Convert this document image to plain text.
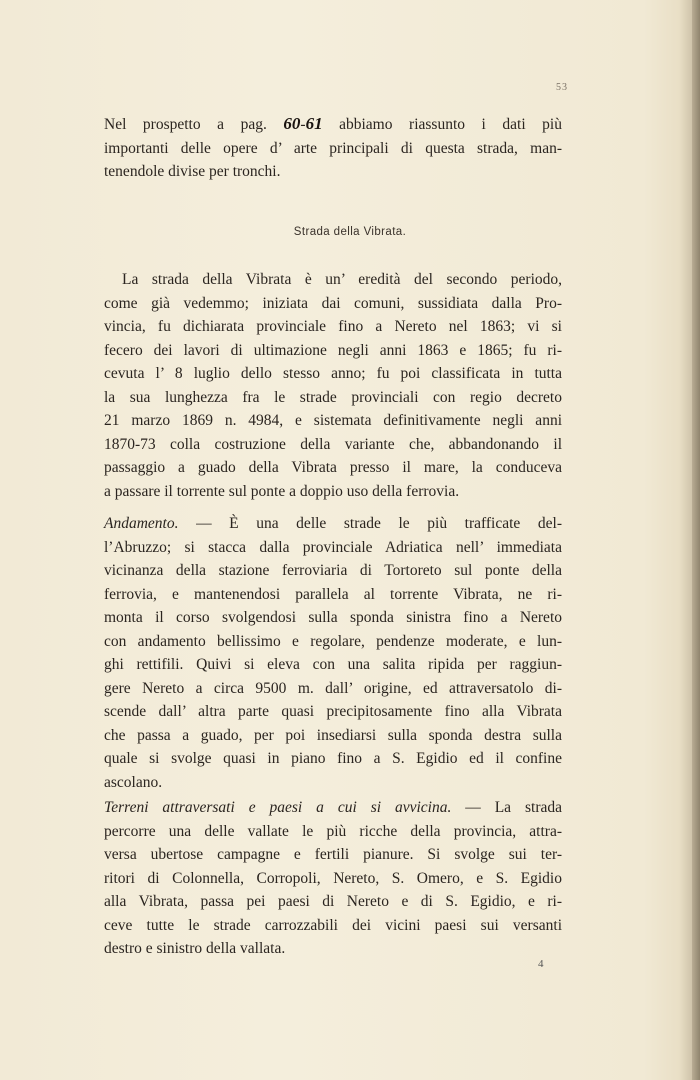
53
Nel prospetto a pag. 60-61 abbiamo riassunto i dati più
importanti delle opere d’ arte principali di questa strada, man-
tenendole divise per tronchi.
Strada della Vibrata.
La strada della Vibrata è un’ eredità del secondo periodo,
come già vedemmo; iniziata dai comuni, sussidiata dalla Pro-
vincia, fu dichiarata provinciale fino a Nereto nel 1863; vi si
fecero dei lavori di ultimazione negli anni 1863 e 1865; fu ri-
cevuta l’ 8 luglio dello stesso anno; fu poi classificata in tutta
la sua lunghezza fra le strade provinciali con regio decreto
21 marzo 1869 n. 4984, e sistemata definitivamente negli anni
1870-73 colla costruzione della variante che, abbandonando il
passaggio a guado della Vibrata presso il mare, la conduceva
a passare il torrente sul ponte a doppio uso della ferrovia.
Andamento. — È una delle strade le più trafficate del-
l’Abruzzo; si stacca dalla provinciale Adriatica nell’ immediata
vicinanza della stazione ferroviaria di Tortoreto sul ponte della
ferrovia, e mantenendosi parallela al torrente Vibrata, ne ri-
monta il corso svolgendosi sulla sponda sinistra fino a Nereto
con andamento bellissimo e regolare, pendenze moderate, e lun-
ghi rettifili. Quivi si eleva con una salita ripida per raggiun-
gere Nereto a circa 9500 m. dall’ origine, ed attraversatolo di-
scende dall’ altra parte quasi precipitosamente fino alla Vibrata
che passa a guado, per poi insediarsi sulla sponda destra sulla
quale si svolge quasi in piano fino a S. Egidio ed il confine
ascolano.
Terreni attraversati e paesi a cui si avvicina. — La strada
percorre una delle vallate le più ricche della provincia, attra-
versa ubertose campagne e fertili pianure. Si svolge sui ter-
ritori di Colonnella, Corropoli, Nereto, S. Omero, e S. Egidio
alla Vibrata, passa pei paesi di Nereto e di S. Egidio, e ri-
ceve tutte le strade carrozzabili dei vicini paesi sui versanti
destro e sinistro della vallata.
4
